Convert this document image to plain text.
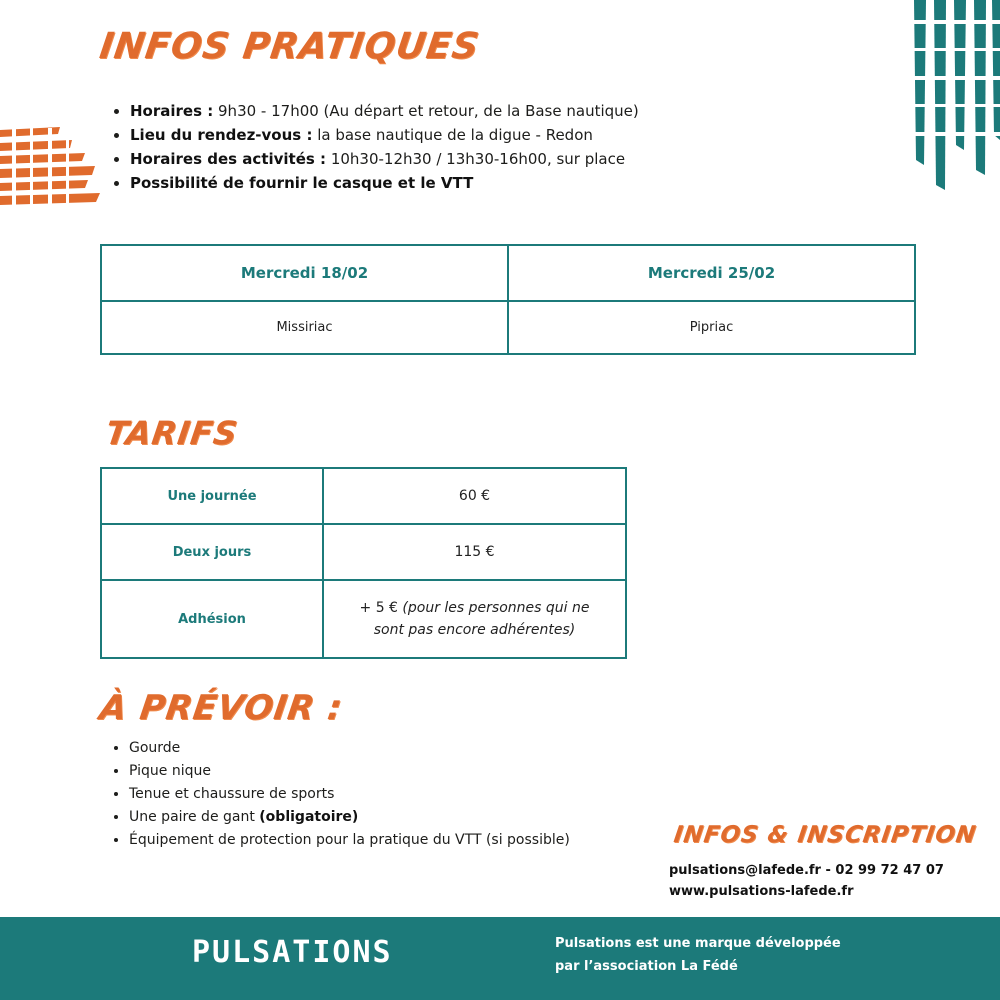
INFOS PRATIQUES
• Horaires : 9h30 - 17h00 (Au départ et retour, de la Base nautique)
• Lieu du rendez-vous : la base nautique de la digue - Redon
• Horaires des activités : 10h30-12h30 / 13h30-16h00, sur place
• Possibilité de fournir le casque et le VTT
Mercredi 18/02	Mercredi 25/02
Missiriac	Pipriac
TARIFS
Une journée	60 €
Deux jours	115 €
Adhésion	+ 5 € (pour les personnes qui ne sont pas encore adhérentes)
À PRÉVOIR :
• Gourde
• Pique nique
• Tenue et chaussure de sports
• Une paire de gant (obligatoire)
• Équipement de protection pour la pratique du VTT (si possible)	INFOS & INSCRIPTION
pulsations@lafede.fr - 02 99 72 47 07
www.pulsations-lafede.fr
PULSATIONS	Pulsations est une marque développée
par l’association La Fédé
